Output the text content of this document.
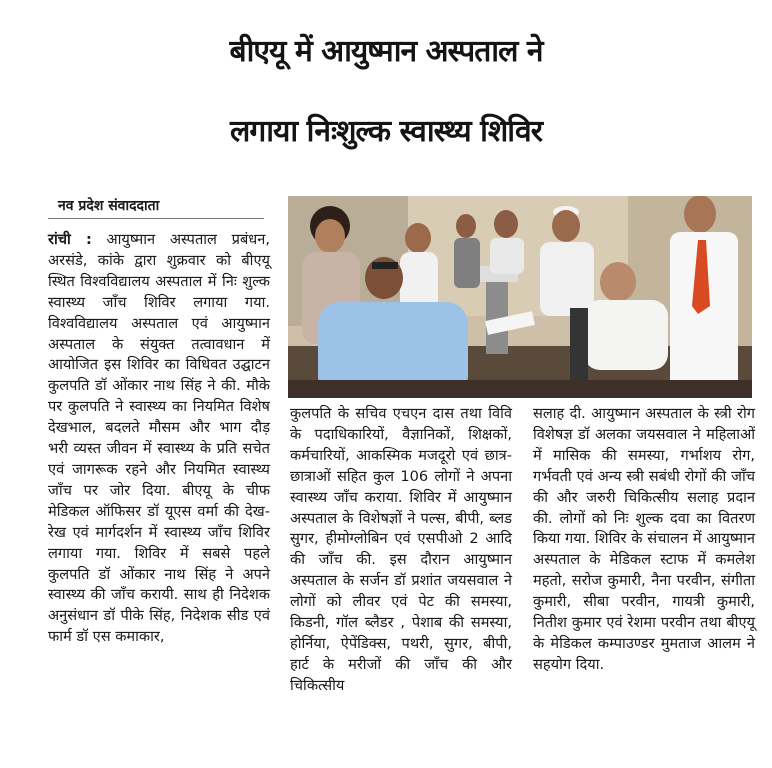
बीएयू में आयुष्मान अस्पताल ने
लगाया निःशुल्क स्वास्थ्य शिविर
नव प्रदेश संवाददाता

रांची : आयुष्मान अस्पताल प्रबंधन, अरसंडे, कांके द्वारा शुक्रवार को बीएयू स्थित विश्वविद्यालय अस्पताल में निः शुल्क स्वास्थ्य जाँच शिविर लगाया गया. विश्वविद्यालय अस्पताल एवं आयुष्मान अस्पताल के संयुक्त तत्वावधान में आयोजित इस शिविर का विधिवत उद्घाटन कुलपति डॉ ओंकार नाथ सिंह ने की. मौके पर कुलपति ने स्वास्थ्य का नियमित विशेष देखभाल, बदलते मौसम और भाग दौड़ भरी व्यस्त जीवन में स्वास्थ्य के प्रति सचेत एवं जागरूक रहने और नियमित स्वास्थ्य जाँच पर जोर दिया. बीएयू के चीफ मेडिकल ऑफिसर डॉ यूएस वर्मा की देख-रेख एवं मार्गदर्शन में स्वास्थ्य जाँच शिविर लगाया गया. शिविर में सबसे पहले कुलपति डॉ ओंकार नाथ सिंह ने अपने स्वास्थ्य की जाँच करायी. साथ ही निदेशक अनुसंधान डॉ पीके सिंह, निदेशक सीड एवं फार्म डॉ एस कमाकार,

कुलपति के सचिव एचएन दास तथा विवि के पदाधिकारियों, वैज्ञानिकों, शिक्षकों, कर्मचारियों, आकस्मिक मजदूरो एवं छात्र-छात्राओं सहित कुल 106 लोगों ने अपना स्वास्थ्य जाँच कराया. शिविर में आयुष्मान अस्पताल के विशेषज्ञों ने पल्स, बीपी, ब्लड सुगर, हीमोग्लोबिन एवं एसपीओ 2 आदि की जाँच की. इस दौरान आयुष्मान अस्पताल के सर्जन डॉ प्रशांत जयसवाल ने लोगों को लीवर एवं पेट की समस्या, किडनी, गॉल ब्लैडर , पेशाब की समस्या, होर्निया, ऐपेंडिक्स, पथरी, सुगर, बीपी, हार्ट के मरीजों की जाँच की और चिकित्सीय

सलाह दी. आयुष्मान अस्पताल के स्त्री रोग विशेषज्ञ डॉ अलका जयसवाल ने महिलाओं में मासिक की समस्या, गर्भाशय रोग, गर्भवती एवं अन्य स्त्री सबंधी रोगों की जाँच की और जरुरी चिकित्सीय सलाह प्रदान की. लोगों को निः शुल्क दवा का वितरण किया गया. शिविर के संचालन में आयुष्मान अस्पताल के मेडिकल स्टाफ में कमलेश महतो, सरोज कुमारी, नैना परवीन, संगीता कुमारी, सीबा परवीन, गायत्री कुमारी, नितीश कुमार एवं रेशमा परवीन तथा बीएयू के मेडिकल कम्पाउण्डर मुमताज आलम ने सहयोग दिया.
